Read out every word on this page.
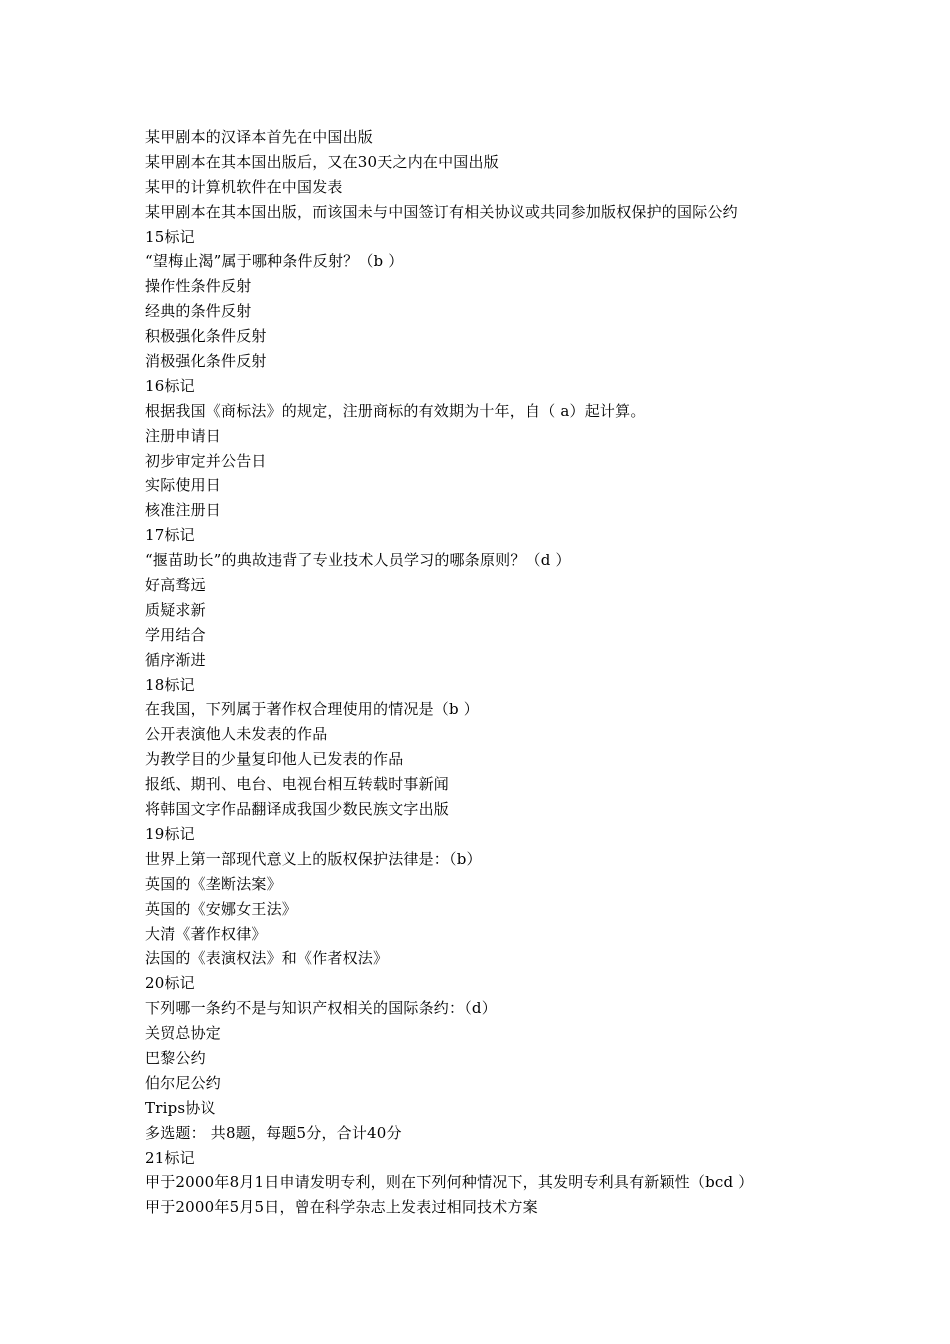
某甲剧本的汉译本首先在中国出版
某甲剧本在其本国出版后，又在30天之内在中国出版
某甲的计算机软件在中国发表
某甲剧本在其本国出版，而该国未与中国签订有相关协议或共同参加版权保护的国际公约
15标记
“望梅止渴”属于哪种条件反射？（b ）
操作性条件反射
经典的条件反射
积极强化条件反射
消极强化条件反射
16标记
根据我国《商标法》的规定，注册商标的有效期为十年，自（ a）起计算。
注册申请日
初步审定并公告日
实际使用日
核准注册日
17标记
“揠苗助长”的典故违背了专业技术人员学习的哪条原则？（d ）
好高骛远
质疑求新
学用结合
循序渐进
18标记
在我国，下列属于著作权合理使用的情况是（b ）
公开表演他人未发表的作品
为教学目的少量复印他人已发表的作品
报纸、期刊、电台、电视台相互转载时事新闻
将韩国文字作品翻译成我国少数民族文字出版
19标记
世界上第一部现代意义上的版权保护法律是：（b）
英国的《垄断法案》
英国的《安娜女王法》
大清《著作权律》
法国的《表演权法》和《作者权法》
20标记
下列哪一条约不是与知识产权相关的国际条约：（d）
关贸总协定
巴黎公约
伯尔尼公约
Trips协议
多选题： 共8题，每题5分，合计40分
21标记
甲于2000年8月1日申请发明专利，则在下列何种情况下，其发明专利具有新颖性（bcd ）
甲于2000年5月5日，曾在科学杂志上发表过相同技术方案
